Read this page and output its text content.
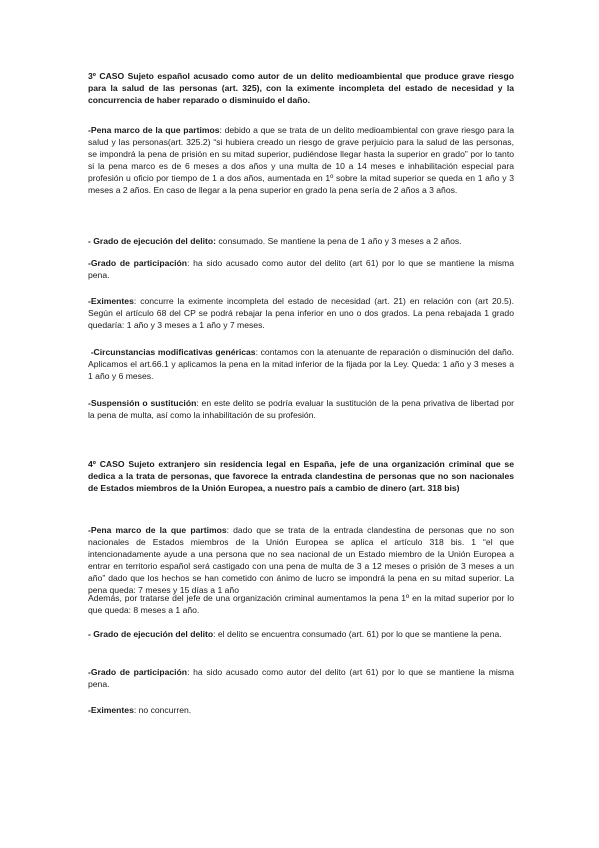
3º CASO Sujeto español acusado como autor de un delito medioambiental que produce grave riesgo para la salud de las personas (art. 325), con la eximente incompleta del estado de necesidad y la concurrencia de haber reparado o disminuido el daño.

-Pena marco de la que partimos: debido a que se trata de un delito medioambiental con grave riesgo para la salud y las personas(art. 325.2) “si hubiera creado un riesgo de grave perjuicio para la salud de las personas, se impondrá la pena de prisión en su mitad superior, pudiéndose llegar hasta la superior en grado” por lo tanto si la pena marco es de 6 meses a dos años y una multa de 10 a 14 meses e inhabilitación especial para profesión u oficio por tiempo de 1 a dos años, aumentada en 1º sobre la mitad superior se queda en 1 año y 3 meses a 2 años. En caso de llegar a la pena superior en grado la pena sería de 2 años a 3 años.

- Grado de ejecución del delito: consumado. Se mantiene la pena de 1 año y 3 meses a 2 años.

-Grado de participación: ha sido acusado como autor del delito (art 61) por lo que se mantiene la misma pena.

-Eximentes: concurre la eximente incompleta del estado de necesidad (art. 21) en relación con (art 20.5). Según el artículo 68 del CP se podrá rebajar la pena inferior en uno o dos grados. La pena rebajada 1 grado quedaría: 1 año y 3 meses a 1 año y 7 meses.

-Circunstancias modificativas genéricas: contamos con la atenuante de reparación o disminución del daño. Aplicamos el art.66.1 y aplicamos la pena en la mitad inferior de la fijada por la Ley. Queda: 1 año y 3 meses a 1 año y 6 meses.

-Suspensión o sustitución: en este delito se podría evaluar la sustitución de la pena privativa de libertad por la pena de multa, así como la inhabilitación de su profesión.

4º CASO Sujeto extranjero sin residencia legal en España, jefe de una organización criminal que se dedica a la trata de personas, que favorece la entrada clandestina de personas que no son nacionales de Estados miembros de la Unión Europea, a nuestro país a cambio de dinero (art. 318 bis)

-Pena marco de la que partimos: dado que se trata de la entrada clandestina de personas que no son nacionales de Estados miembros de la Unión Europea se aplica el artículo 318 bis. 1 “el que intencionadamente ayude a una persona que no sea nacional de un Estado miembro de la Unión Europea a entrar en territorio español será castigado con una pena de multa de 3 a 12 meses o prisión de 3 meses a un año” dado que los hechos se han cometido con ánimo de lucro se impondrá la pena en su mitad superior. La pena queda: 7 meses y 15 días a 1 año

Además, por tratarse del jefe de una organización criminal aumentamos la pena 1º en la mitad superior por lo que queda: 8 meses a 1 año.

- Grado de ejecución del delito: el delito se encuentra consumado (art. 61) por lo que se mantiene la pena.

-Grado de participación: ha sido acusado como autor del delito (art 61) por lo que se mantiene la misma pena.

-Eximentes: no concurren.
